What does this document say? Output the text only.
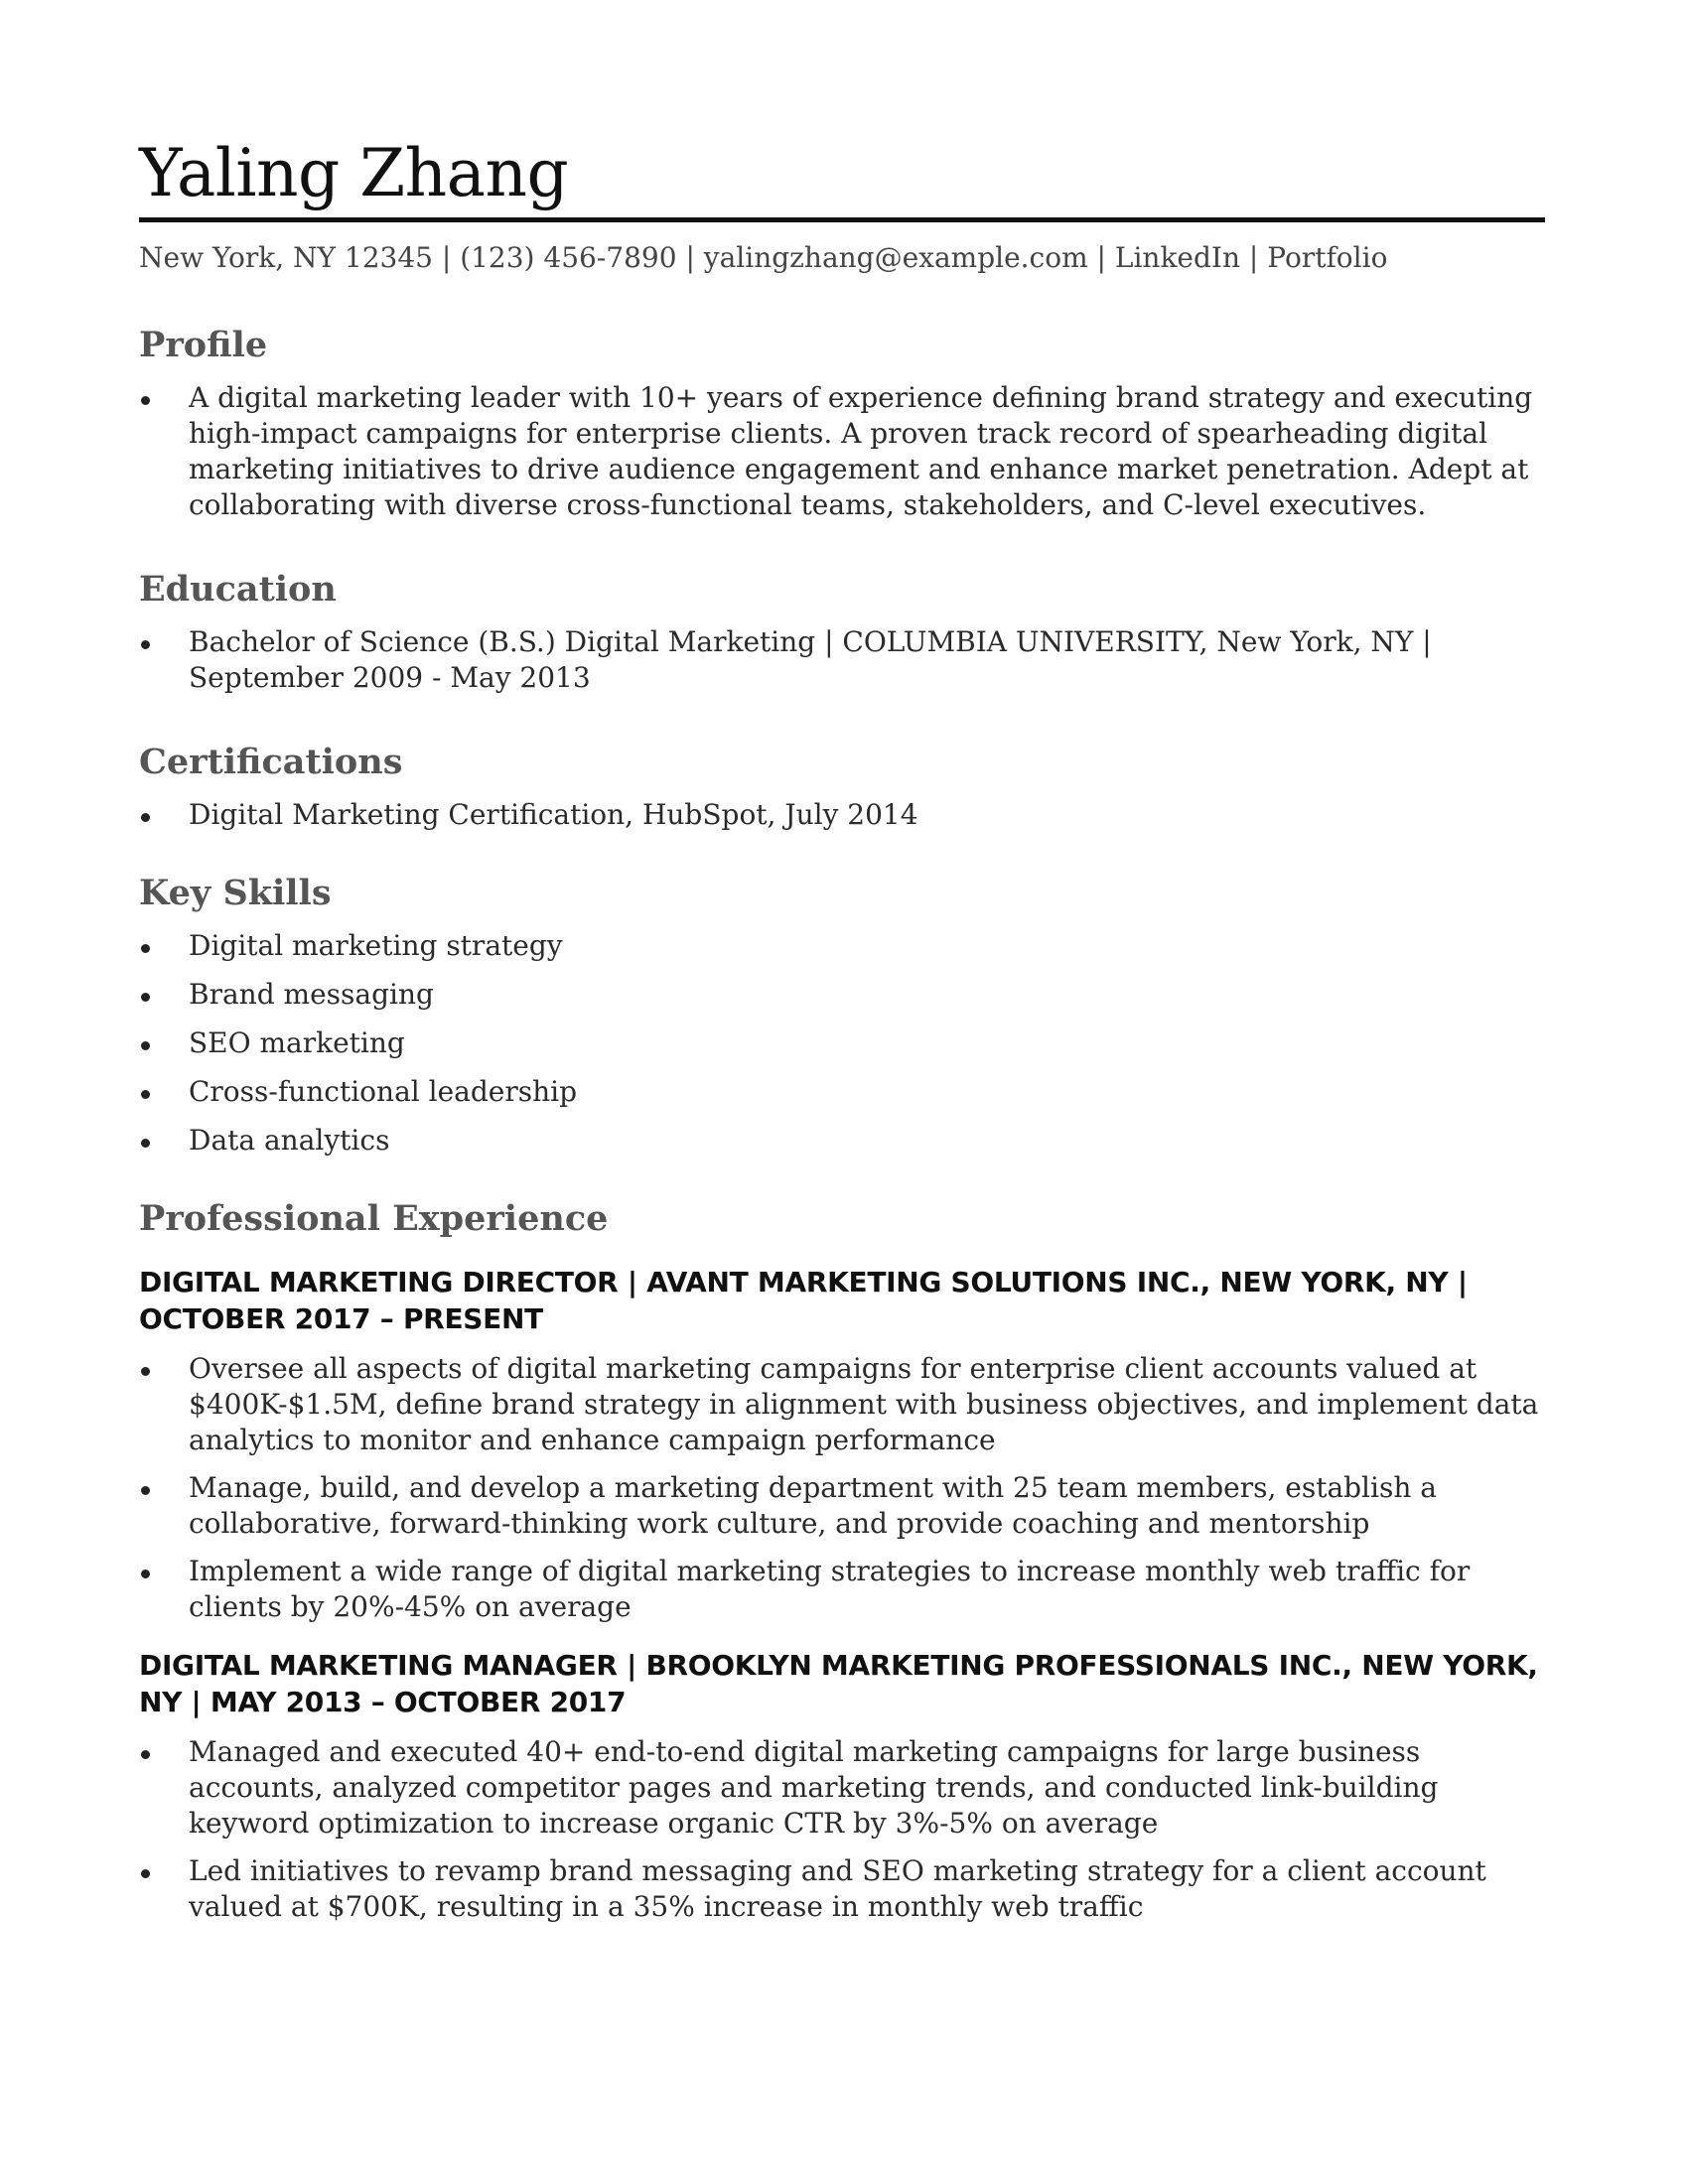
Yaling Zhang
New York, NY 12345 | (123) 456-7890 | yalingzhang@example.com | LinkedIn | Portfolio
Profile
A digital marketing leader with 10+ years of experience defining brand strategy and executing high-impact campaigns for enterprise clients. A proven track record of spearheading digital marketing initiatives to drive audience engagement and enhance market penetration. Adept at collaborating with diverse cross-functional teams, stakeholders, and C-level executives.
Education
Bachelor of Science (B.S.) Digital Marketing | COLUMBIA UNIVERSITY, New York, NY | September 2009 - May 2013
Certifications
Digital Marketing Certification, HubSpot, July 2014
Key Skills
Digital marketing strategy
Brand messaging
SEO marketing
Cross-functional leadership
Data analytics
Professional Experience
DIGITAL MARKETING DIRECTOR | AVANT MARKETING SOLUTIONS INC., NEW YORK, NY | OCTOBER 2017 – PRESENT
Oversee all aspects of digital marketing campaigns for enterprise client accounts valued at $400K-$1.5M, define brand strategy in alignment with business objectives, and implement data analytics to monitor and enhance campaign performance
Manage, build, and develop a marketing department with 25 team members, establish a collaborative, forward-thinking work culture, and provide coaching and mentorship
Implement a wide range of digital marketing strategies to increase monthly web traffic for clients by 20%-45% on average
DIGITAL MARKETING MANAGER | BROOKLYN MARKETING PROFESSIONALS INC., NEW YORK, NY | MAY 2013 – OCTOBER 2017
Managed and executed 40+ end-to-end digital marketing campaigns for large business accounts, analyzed competitor pages and marketing trends, and conducted link-building keyword optimization to increase organic CTR by 3%-5% on average
Led initiatives to revamp brand messaging and SEO marketing strategy for a client account valued at $700K, resulting in a 35% increase in monthly web traffic
